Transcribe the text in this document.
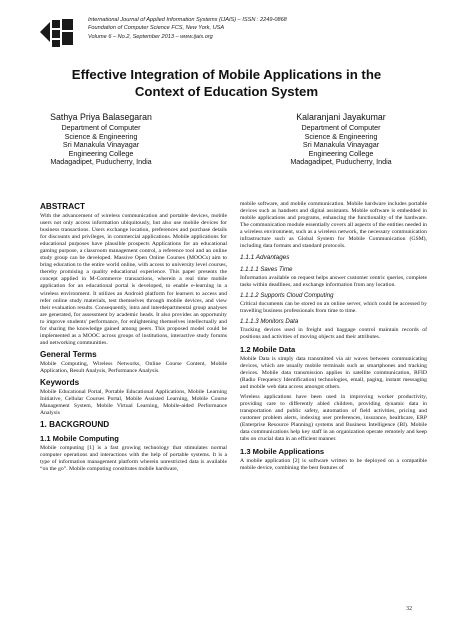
International Journal of Applied Information Systems (IJAIS) – ISSN : 2249-0868
Foundation of Computer Science FCS, New York, USA
Volume 6 – No.2, September 2013 – www.ijais.org
Effective Integration of Mobile Applications in the
Context of Education System
Sathya Priya Balasegaran
Department of Computer
Science & Engineering
Sri Manakula Vinayagar
Engineering College
Madagadipet, Puducherry, India
Kalaranjani Jayakumar
Department of Computer
Science & Engineering
Sri Manakula Vinayagar
Engineering College
Madagadipet, Puducherry, India
ABSTRACT
With the advancement of wireless communication and portable devices, mobile users not only access information ubiquitously, but also use mobile devices for business transactions. Users exchange location, preferences and purchase details for discounts and privileges, in commercial applications. Mobile applications for educational purposes have plausible prospects Applications for an educational gaming purpose, a classroom management control, a reference tool and an online study group can be developed. Massive Open Online Courses (MOOCs) aim to bring education to the entire world online, with access to university level courses, thereby promising a quality educational experience. This paper presents the concept applied in M-Commerce transactions, wherein a real time mobile application for an educational portal is developed, to enable e-learning in a wireless environment. It utilizes an Android platform for learners to access and refer online study materials, test themselves through mobile devices, and view their evaluation results. Consequently, intra and interdepartmental group analyses are generated, for assessment by academic heads. It also provides an opportunity to improve students' performance, for enlightening themselves intellectually and for sharing the knowledge gained among peers. This proposed model could be implemented as a MOOC across groups of institutions, interactive study forums and networking communities.
General Terms
Mobile Computing, Wireless Networks, Online Course Content, Mobile Application, Result Analysis, Performance Analysis.
Keywords
Mobile Educational Portal, Portable Educational Applications, Mobile Learning Initiative, Cellular Courses Portal, Mobile Assisted Learning, Mobile Course Management System, Mobile Virtual Learning, Mobile-aided Performance Analysis
1. BACKGROUND
1.1 Mobile Computing
Mobile computing [1] is a fast growing technology that stimulates normal computer operations and interactions with the help of portable systems. It is a type of information management platform wherein unrestricted data is available “on the go”. Mobile computing constitutes mobile hardware,
mobile software, and mobile communication. Mobile hardware includes portable devices such as handsets and digital assistants. Mobile software is embedded in mobile applications and programs, enhancing the functionality of the hardware. The communication module essentially covers all aspects of the entities needed in a wireless environment, such as a wireless network, the necessary communication infrastructure such as Global System for Mobile Communication (GSM), including data formats and standard protocols.
1.1.1 Advantages
1.1.1.1 Saves Time
Information available on request helps answer customer centric queries, complete tasks within deadlines, and exchange information from any location.
1.1.1.2 Supports Cloud Computing
Critical documents can be stored on an online server, which could be accessed by travelling business professionals from time to time.
1.1.1.3 Monitors Data
Tracking devices used in freight and baggage control maintain records of positions and activities of moving objects and their attributes.
1.2 Mobile Data
Mobile Data is simply data transmitted via air waves between communicating devices, which are usually mobile terminals such as smartphones and tracking devices. Mobile data transmission applies in satellite communication, RFID (Radio Frequency Identification) technologies, email, paging, instant messaging and mobile web data access amongst others.
Wireless applications have been used in improving worker productivity, providing care to differently abled children, providing dynamic data in transportation and public safety, automation of field activities, pricing and customer problem alerts, indexing user preferences, insurance, healthcare, ERP (Enterprise Resource Planning) systems and Business Intelligence (BI). Mobile data communications help key staff in an organization operate remotely and keep tabs on crucial data in an efficient manner.
1.3 Mobile Applications
A mobile application [2] is software written to be deployed on a compatible mobile device, combining the best features of
32
